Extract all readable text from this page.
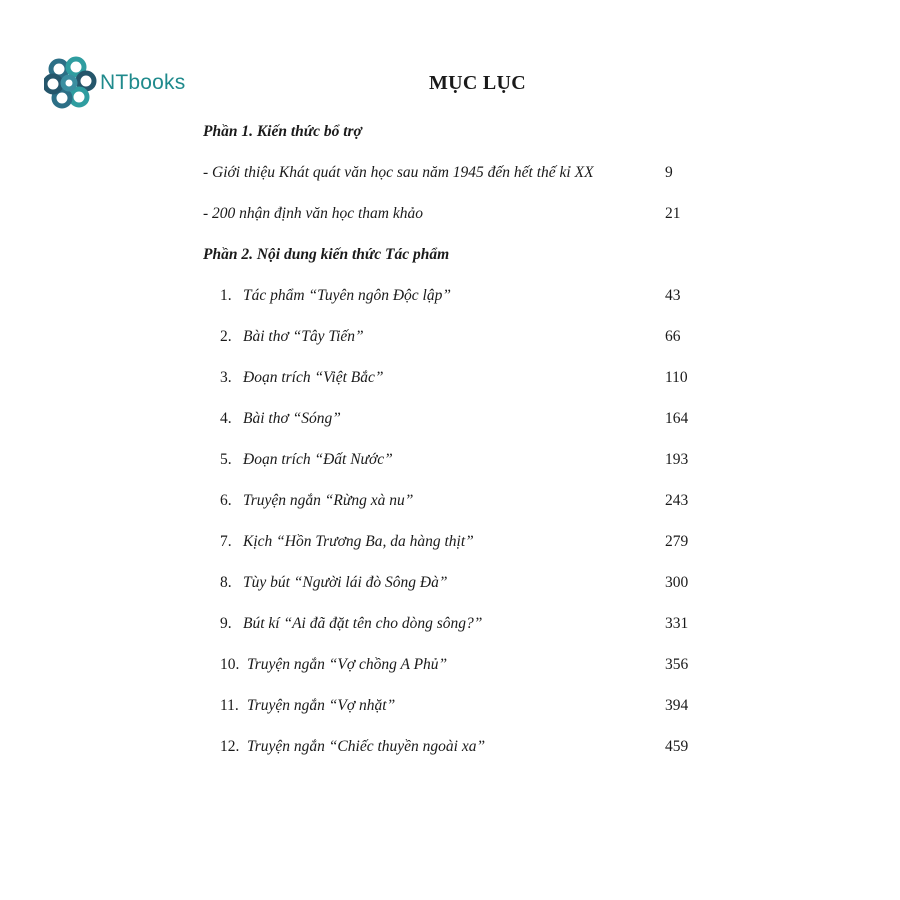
NTbooks	MỤC LỤC
Phần 1. Kiến thức bổ trợ
- Giới thiệu Khát quát văn học sau năm 1945 đến hết thế kỉ XX	9
- 200 nhận định văn học tham khảo	21
Phần 2. Nội dung kiến thức Tác phẩm
1. Tác phẩm “Tuyên ngôn Độc lập”	43
2. Bài thơ “Tây Tiến”	66
3. Đoạn trích “Việt Bắc”	110
4. Bài thơ “Sóng”	164
5. Đoạn trích “Đất Nước”	193
6. Truyện ngắn “Rừng xà nu”	243
7. Kịch “Hồn Trương Ba, da hàng thịt”	279
8. Tùy bút “Người lái đò Sông Đà”	300
9. Bút kí “Ai đã đặt tên cho dòng sông?”	331
10. Truyện ngắn “Vợ chồng A Phủ”	356
11. Truyện ngắn “Vợ nhặt”	394
12. Truyện ngắn “Chiếc thuyền ngoài xa”	459
